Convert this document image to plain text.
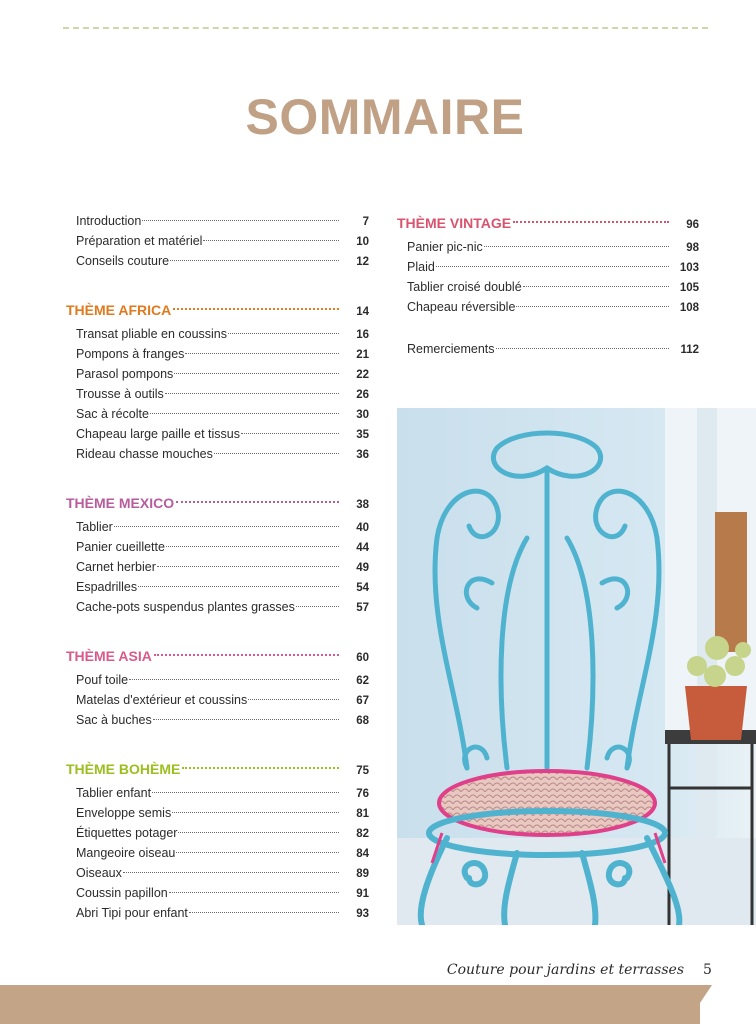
SOMMAIRE
Introduction	7
Préparation et matériel	10
Conseils couture	12
THÈME AFRICA	14
Transat pliable en coussins	16
Pompons à franges	21
Parasol pompons	22
Trousse à outils	26
Sac à récolte	30
Chapeau large paille et tissus	35
Rideau chasse mouches	36
THÈME MEXICO	38
Tablier	40
Panier cueillette	44
Carnet herbier	49
Espadrilles	54
Cache-pots suspendus plantes grasses	57
THÈME ASIA	60
Pouf toile	62
Matelas d'extérieur et coussins	67
Sac à buches	68
THÈME BOHÈME	75
Tablier enfant	76
Enveloppe semis	81
Étiquettes potager	82
Mangeoire oiseau	84
Oiseaux	89
Coussin papillon	91
Abri Tipi pour enfant	93
THÈME VINTAGE	96
Panier pic-nic	98
Plaid	103
Tablier croisé doublé	105
Chapeau réversible	108
Remerciements	112
Couture pour jardins et terrasses 5
